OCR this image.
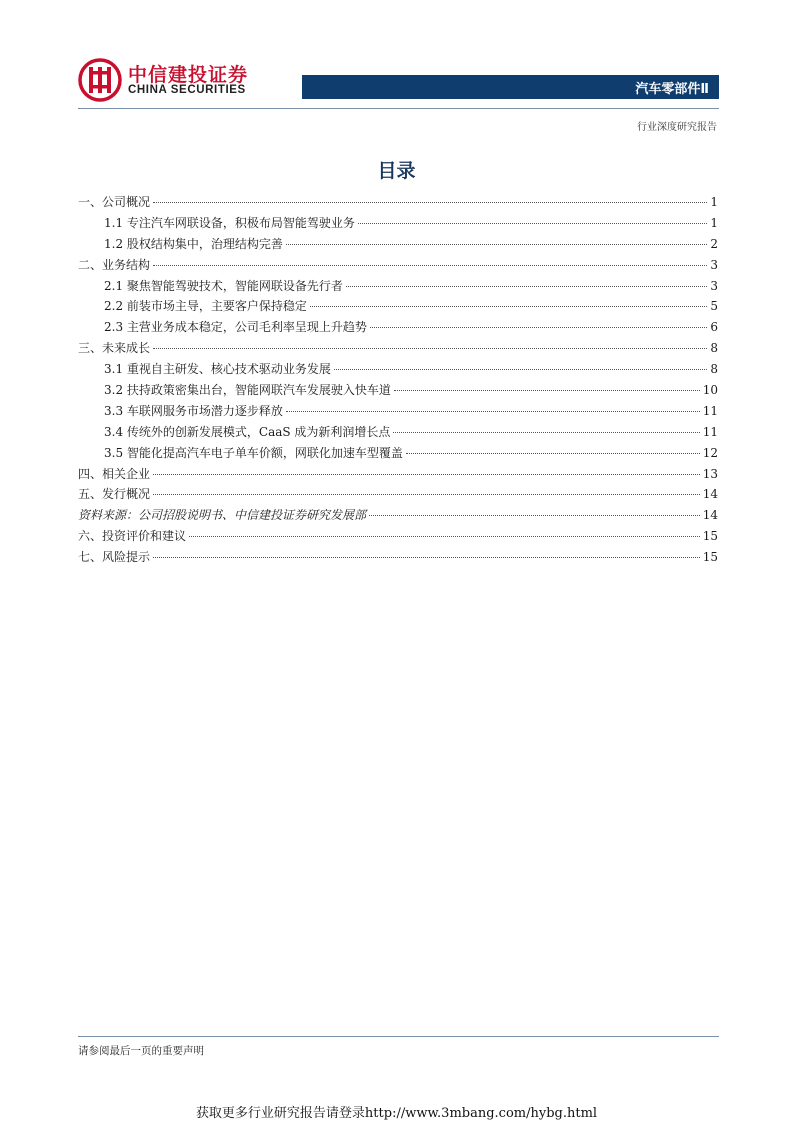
中信建投证券
CHINA SECURITIES	汽车零部件Ⅱ
行业深度研究报告
目录
一、公司概况	1
1.1 专注汽车网联设备，积极布局智能驾驶业务	1
1.2 股权结构集中，治理结构完善	2
二、业务结构	3
2.1 聚焦智能驾驶技术，智能网联设备先行者	3
2.2 前装市场主导，主要客户保持稳定	5
2.3 主营业务成本稳定，公司毛利率呈现上升趋势	6
三、未来成长	8
3.1 重视自主研发、核心技术驱动业务发展	8
3.2 扶持政策密集出台，智能网联汽车发展驶入快车道	10
3.3 车联网服务市场潜力逐步释放	11
3.4 传统外的创新发展模式，CaaS 成为新利润增长点	11
3.5 智能化提高汽车电子单车价额，网联化加速车型覆盖	12
四、相关企业	13
五、发行概况	14
资料来源：公司招股说明书、中信建投证券研究发展部	14
六、投资评价和建议	15
七、风险提示	15
请参阅最后一页的重要声明
获取更多行业研究报告请登录http://www.3mbang.com/hybg.html
